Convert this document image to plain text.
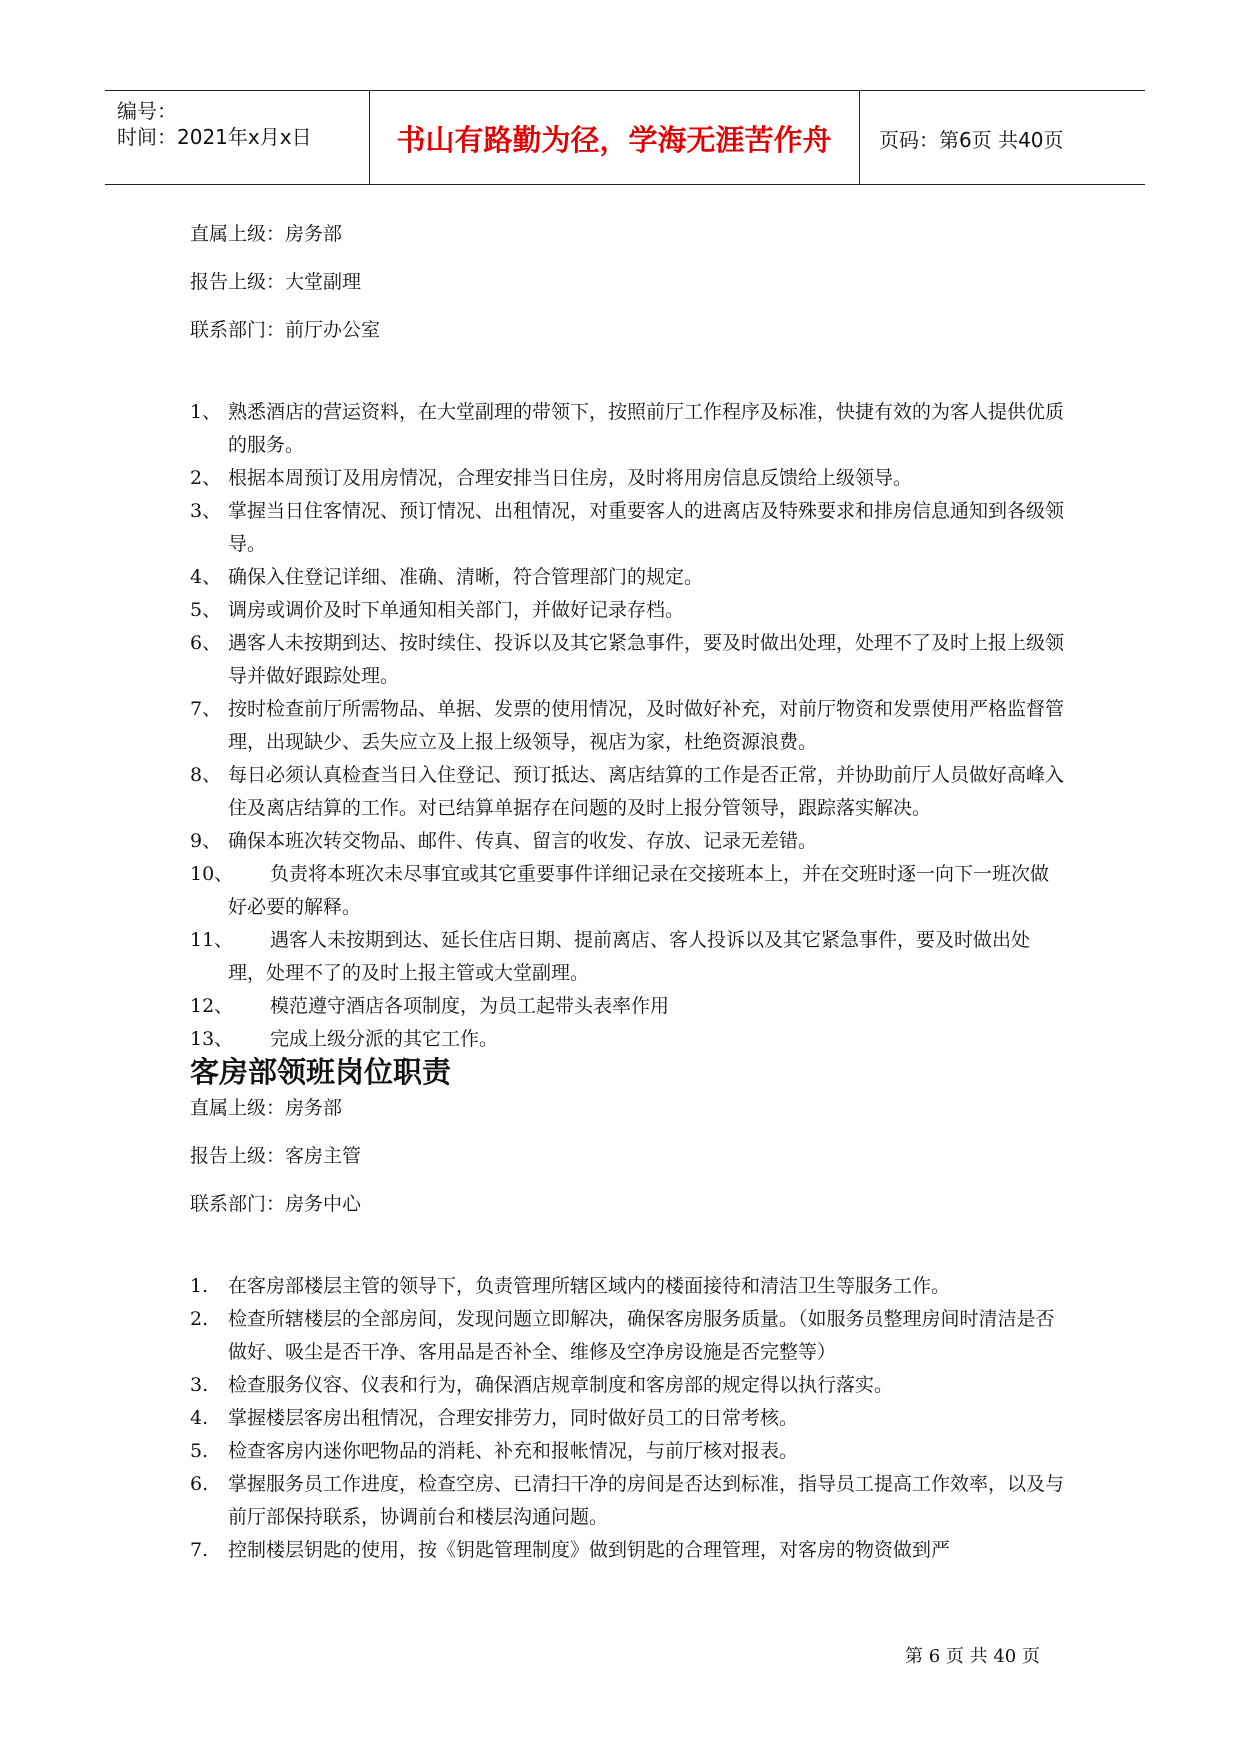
编号：
时间：2021年x月x日	书山有路勤为径，学海无涯苦作舟	页码：第6页 共40页
直属上级：房务部
报告上级：大堂副理
联系部门：前厅办公室
1、 熟悉酒店的营运资料，在大堂副理的带领下，按照前厅工作程序及标准，快捷有效的为客人提供优质的服务。
2、 根据本周预订及用房情况，合理安排当日住房，及时将用房信息反馈给上级领导。
3、 掌握当日住客情况、预订情况、出租情况，对重要客人的进离店及特殊要求和排房信息通知到各级领导。
4、 确保入住登记详细、准确、清晰，符合管理部门的规定。
5、 调房或调价及时下单通知相关部门，并做好记录存档。
6、 遇客人未按期到达、按时续住、投诉以及其它紧急事件，要及时做出处理，处理不了及时上报上级领导并做好跟踪处理。
7、 按时检查前厅所需物品、单据、发票的使用情况，及时做好补充，对前厅物资和发票使用严格监督管理，出现缺少、丢失应立及上报上级领导，视店为家，杜绝资源浪费。
8、 每日必须认真检查当日入住登记、预订抵达、离店结算的工作是否正常，并协助前厅人员做好高峰入住及离店结算的工作。对已结算单据存在问题的及时上报分管领导，跟踪落实解决。
9、 确保本班次转交物品、邮件、传真、留言的收发、存放、记录无差错。
10、	负责将本班次未尽事宜或其它重要事件详细记录在交接班本上，并在交班时逐一向下一班次做好必要的解释。
11、	遇客人未按期到达、延长住店日期、提前离店、客人投诉以及其它紧急事件，要及时做出处理，处理不了的及时上报主管或大堂副理。
12、	模范遵守酒店各项制度，为员工起带头表率作用
13、	完成上级分派的其它工作。
客房部领班岗位职责
直属上级：房务部
报告上级：客房主管
联系部门：房务中心
1. 在客房部楼层主管的领导下，负责管理所辖区域内的楼面接待和清洁卫生等服务工作。
2. 检查所辖楼层的全部房间，发现问题立即解决，确保客房服务质量。（如服务员整理房间时清洁是否做好、吸尘是否干净、客用品是否补全、维修及空净房设施是否完整等）
3. 检查服务仪容、仪表和行为，确保酒店规章制度和客房部的规定得以执行落实。
4. 掌握楼层客房出租情况，合理安排劳力，同时做好员工的日常考核。
5. 检查客房内迷你吧物品的消耗、补充和报帐情况，与前厅核对报表。
6. 掌握服务员工作进度，检查空房、已清扫干净的房间是否达到标准，指导员工提高工作效率，以及与前厅部保持联系，协调前台和楼层沟通问题。
7. 控制楼层钥匙的使用，按《钥匙管理制度》做到钥匙的合理管理，对客房的物资做到严
第 6 页 共 40 页
